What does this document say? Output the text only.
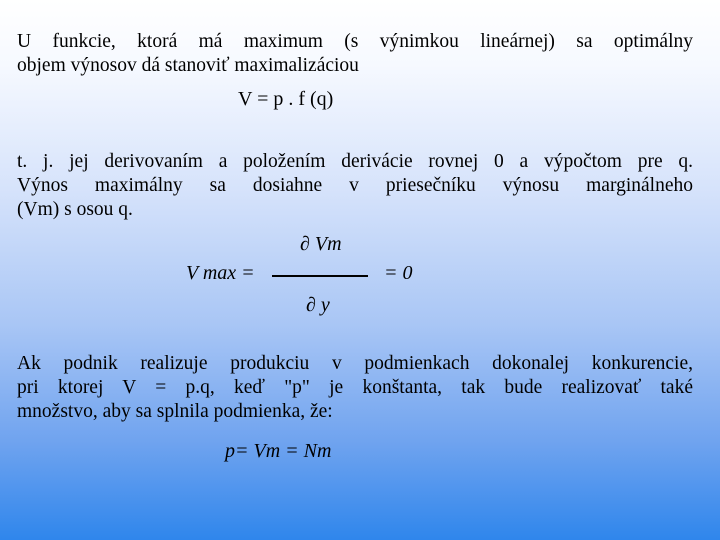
U funkcie, ktorá má maximum (s výnimkou lineárnej) sa optimálny
objem výnosov dá stanoviť maximalizáciou

V = p . f (q)

t. j. jej derivovaním a položením derivácie rovnej 0 a výpočtom pre q.
Výnos maximálny sa dosiahne v priesečníku výnosu marginálneho
(Vm) s osou q.

∂ Vm
V max =	= 0
∂ y

Ak podnik realizuje produkciu v podmienkach dokonalej konkurencie,
pri ktorej V = p.q, keď "p" je konštanta, tak bude realizovať také
množstvo, aby sa splnila podmienka, že:

p= Vm = Nm
